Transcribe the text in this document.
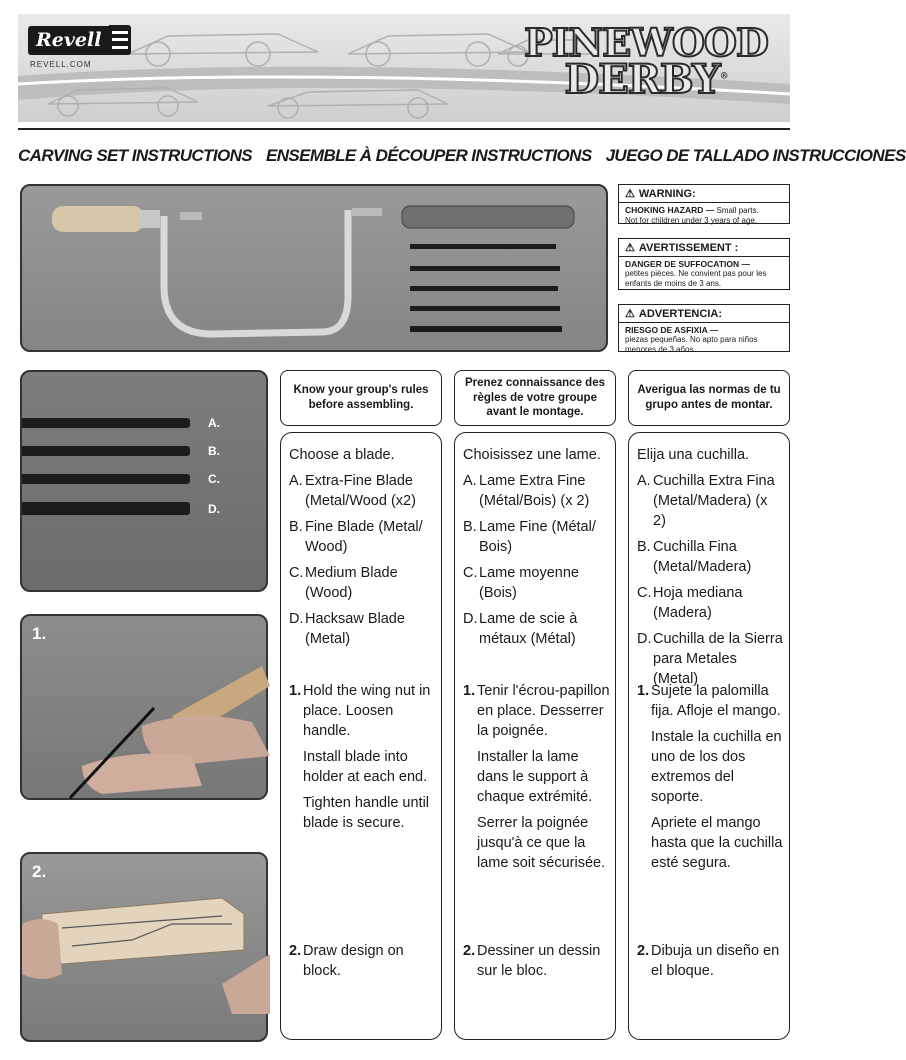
Revell
REVELL.COM	PINEWOOD
DERBY®
CARVING SET INSTRUCTIONS ENSEMBLE À DÉCOUPER INSTRUCTIONS JUEGO DE TALLADO INSTRUCCIONES
⚠ WARNING:
CHOKING HAZARD — Small parts.
Not for children under 3 years of age.
⚠ AVERTISSEMENT :
DANGER DE SUFFOCATION —
petites pièces. Ne convient pas pour les enfants de moins de 3 ans.
⚠ ADVERTENCIA:
RIESGO DE ASFIXIA —
piezas pequeñas. No apto para niños menores de 3 años.
A.
B.
C.
D.
1.
2.
Know your group's rules before assembling.
Prenez connaissance des règles de votre groupe avant le montage.
Averigua las normas de tu grupo antes de montar.
Choose a blade.
A. Extra-Fine Blade (Metal/Wood (x2)
B. Fine Blade (Metal/ Wood)
C. Medium Blade (Wood)
D. Hacksaw Blade (Metal)
1. Hold the wing nut in place. Loosen handle.

Install blade into holder at each end.

Tighten handle until blade is secure.

2. Draw design on block.

Choisissez une lame.
A. Lame Extra Fine (Métal/Bois) (x 2)
B. Lame Fine (Métal/ Bois)
C. Lame moyenne (Bois)
D. Lame de scie à métaux (Métal)
1. Tenir l'écrou-papillon en place. Desserrer la poignée.

Installer la lame dans le support à chaque extrémité.

Serrer la poignée jusqu'à ce que la lame soit sécurisée.

2. Dessiner un dessin sur le bloc.

Elija una cuchilla.
A. Cuchilla Extra Fina (Metal/Madera) (x 2)
B. Cuchilla Fina (Metal/Madera)
C. Hoja mediana (Madera)
D. Cuchilla de la Sierra para Metales (Metal)
1. Sujete la palomilla fija. Afloje el mango.

Instale la cuchilla en uno de los dos extremos del soporte.

Apriete el mango hasta que la cuchilla esté segura.

2. Dibuja un diseño en el bloque.
